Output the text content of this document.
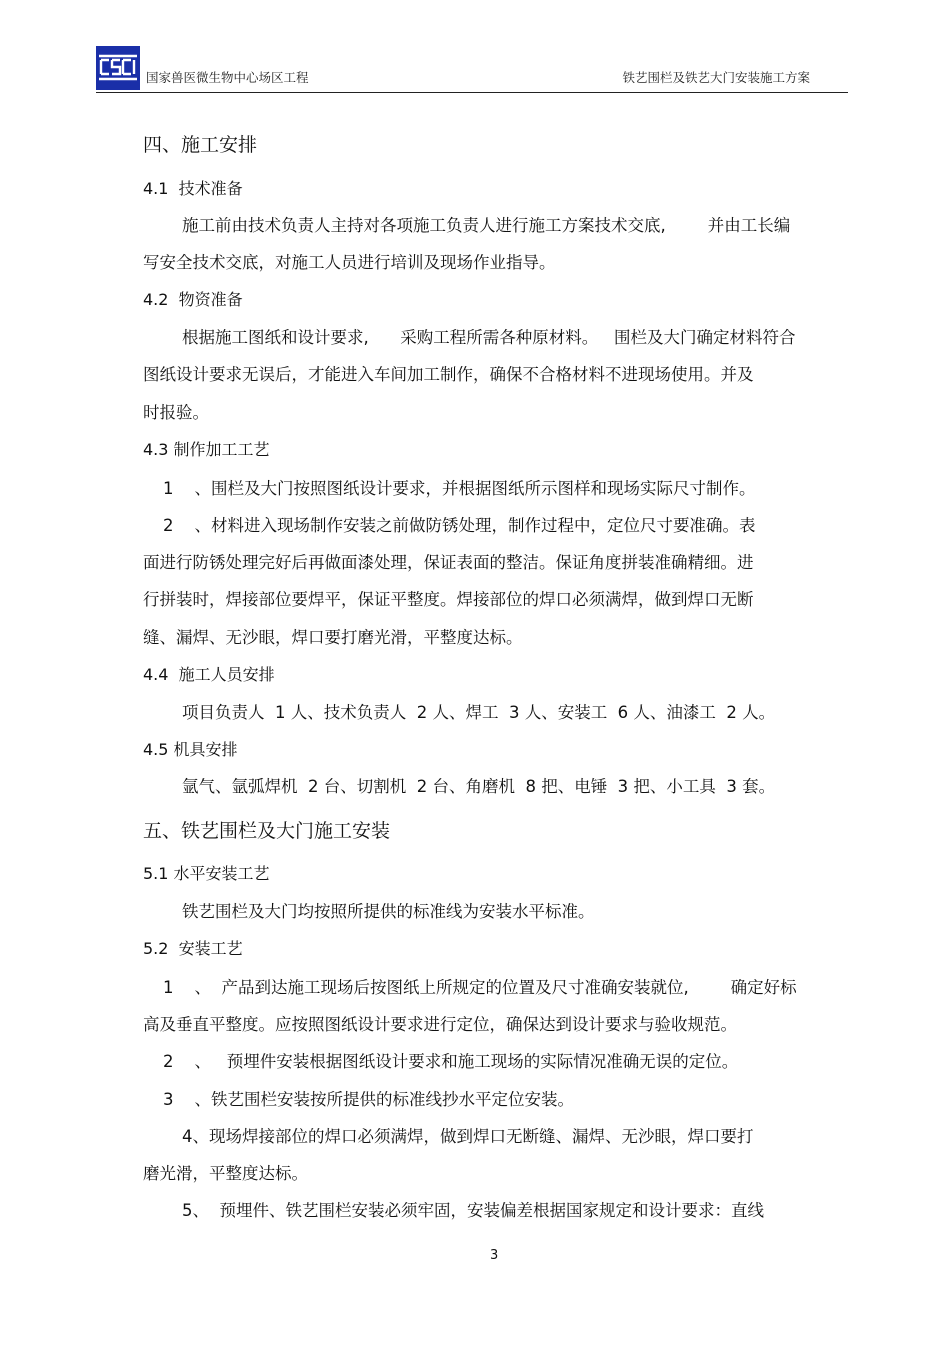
国家兽医微生物中心场区工程	铁艺围栏及铁艺大门安装施工方案
四、施工安排
4.1  技术准备
施工前由技术负责人主持对各项施工负责人进行施工方案技术交底,        并由工长编
写安全技术交底，对施工人员进行培训及现场作业指导。
4.2  物资准备
根据施工图纸和设计要求,      采购工程所需各种原材料。   围栏及大门确定材料符合
图纸设计要求无误后，才能进入车间加工制作，确保不合格材料不进现场使用。并及
时报验。
4.3 制作加工工艺
1    、围栏及大门按照图纸设计要求，并根据图纸所示图样和现场实际尺寸制作。
2    、材料进入现场制作安装之前做防锈处理，制作过程中，定位尺寸要准确。表
面进行防锈处理完好后再做面漆处理，保证表面的整洁。保证角度拼装准确精细。进
行拼装时，焊接部位要焊平，保证平整度。焊接部位的焊口必须满焊，做到焊口无断
缝、漏焊、无沙眼，焊口要打磨光滑，平整度达标。
4.4  施工人员安排
项目负责人  1 人、技术负责人  2 人、焊工  3 人、安装工  6 人、油漆工  2 人。
4.5 机具安排
氩气、氩弧焊机  2 台、切割机  2 台、角磨机  8 把、电锤  3 把、小工具  3 套。
五、铁艺围栏及大门施工安装
5.1 水平安装工艺
铁艺围栏及大门均按照所提供的标准线为安装水平标准。
5.2  安装工艺
1    、  产品到达施工现场后按图纸上所规定的位置及尺寸准确安装就位,        确定好标
高及垂直平整度。应按照图纸设计要求进行定位，确保达到设计要求与验收规范。
2    、   预埋件安装根据图纸设计要求和施工现场的实际情况准确无误的定位。
3    、铁艺围栏安装按所提供的标准线抄水平定位安装。
4、现场焊接部位的焊口必须满焊，做到焊口无断缝、漏焊、无沙眼，焊口要打
磨光滑，平整度达标。
5、  预埋件、铁艺围栏安装必须牢固，安装偏差根据国家规定和设计要求：直线
3
